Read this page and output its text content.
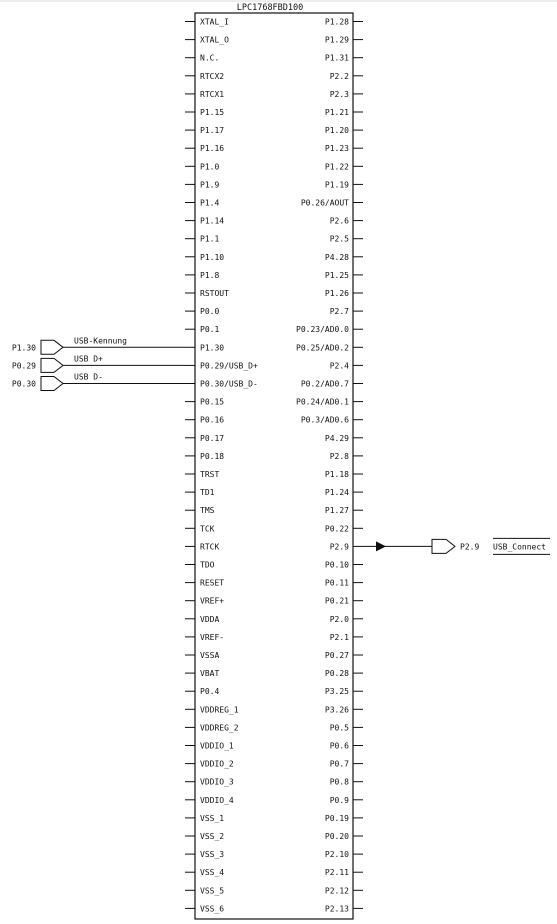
LPC1768FBD100
XTAL_I
XTAL_O
N.C.
RTCX2
RTCX1
P1.15
P1.17
P1.16
P1.0
P1.9
P1.4
P1.14
P1.1
P1.10
P1.8
RSTOUT
P0.0
P0.1
P1.30
P0.29/USB_D+
P0.30/USB_D-
P0.15
P0.16
P0.17
P0.18
TRST
TD1
TMS
TCK
RTCK
TDO
RESET
VREF+
VDDA
VREF-
VSSA
VBAT
P0.4
VDDREG_1
VDDREG_2
VDDIO_1
VDDIO_2
VDDIO_3
VDDIO_4
VSS_1
VSS_2
VSS_3
VSS_4
VSS_5
VSS_6
P1.28
P1.29
P1.31
P2.2
P2.3
P1.21
P1.20
P1.23
P1.22
P1.19
P0.26/AOUT
P2.6
P2.5
P4.28
P1.25
P1.26
P2.7
P0.23/AD0.0
P0.25/AD0.2
P2.4
P0.2/AD0.7
P0.24/AD0.1
P0.3/AD0.6
P4.29
P2.8
P1.18
P1.24
P1.27
P0.22
P2.9
P0.10
P0.11
P0.21
P2.0
P2.1
P0.27
P0.28
P3.25
P3.26
P0.5
P0.6
P0.7
P0.8
P0.9
P0.19
P0.20
P2.10
P2.11
P2.12
P2.13
P1.30
USB-Kennung
P0.29
USB D+
P0.30
USB D-
P2.9 USB_Connect
